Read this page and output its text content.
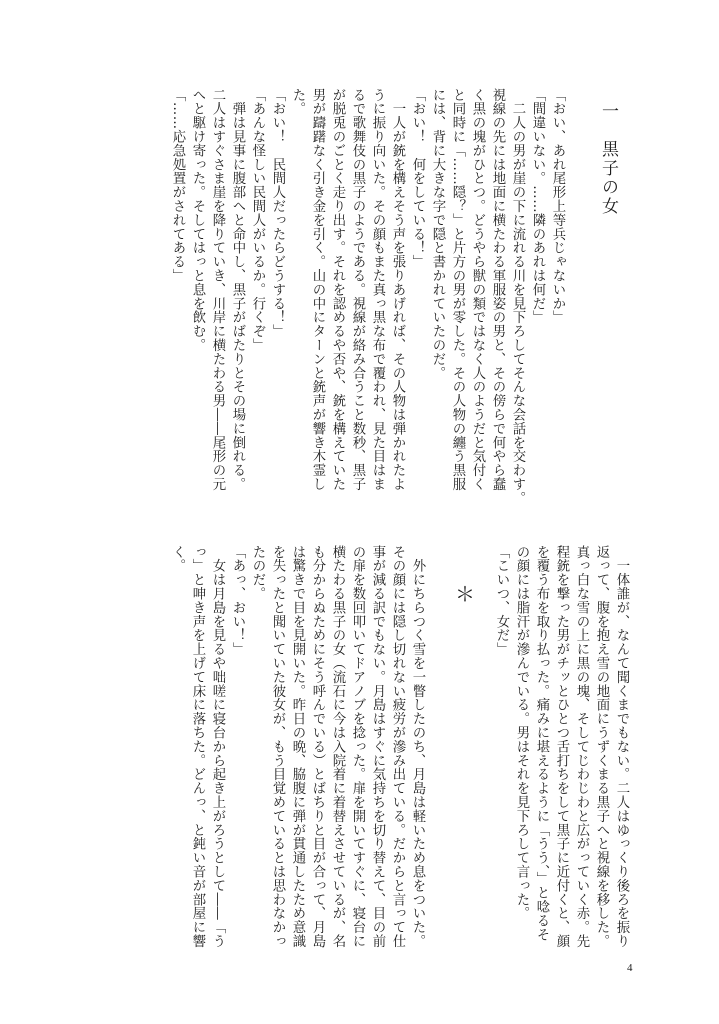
一　黒子の女

「おい、あれ尾形上等兵じゃないか」

「間違いない。……隣のあれは何だ」

　二人の男が崖の下に流れる川を見下ろしてそんな会話を交わす。

視線の先には地面に横たわる軍服姿の男と、その傍らで何やら蠢

く黒の塊がひとつ。どうやら獣の類ではなく人のようだと気付く

と同時に「……隠？」と片方の男が零した。その人物の纏う黒服

には、背に大きな字で隠と書かれていたのだ。

「おい！　何をしている！」

　一人が銃を構えそう声を張りあげれば、その人物は弾かれたよ

うに振り向いた。その顔もまた真っ黒な布で覆われ、見た目はま

るで歌舞伎の黒子のようである。視線が絡み合うこと数秒、黒子

が脱兎のごとく走り出す。それを認めるや否や、銃を構えていた

男が躊躇なく引き金を引く。山の中にターンと銃声が響き木霊し

た。

「おい！　民間人だったらどうする！」

「あんな怪しい民間人がいるか。行くぞ」

　弾は見事に腹部へと命中し、黒子がばたりとその場に倒れる。

二人はすぐさま崖を降りていき、川岸に横たわる男――尾形の元

へと駆け寄った。そしてはっと息を飲む。

「……応急処置がされてある」

　一体誰が、なんて聞くまでもない。二人はゆっくり後ろを振り

返って、腹を抱え雪の地面にうずくまる黒子へと視線を移した。

真っ白な雪の上に黒の塊、そしてじわじわと広がっていく赤。先

程銃を撃った男がチッとひとつ舌打ちをして黒子に近付くと、顔

を覆う布を取り払った。痛みに堪えるように「うう、」と唸るそ

の顔には脂汗が滲んでいる。男はそれを見下ろして言った。

「こいつ、女だ」

＊

　外にちらつく雪を一瞥したのち、月島は軽いため息をついた。

その顔には隠し切れない疲労が滲み出ている。だからと言って仕

事が減る訳でもない。月島はすぐに気持ちを切り替えて、目の前

の扉を数回叩いてドアノブを捻った。扉を開いてすぐに、寝台に

横たわる黒子の女（流石に今は入院着に着替えさせているが、名

も分からぬためにそう呼んでいる）とばちりと目が合って、月島

は驚きで目を見開いた。昨日の晩、脇腹に弾が貫通したため意識

を失ったと聞いていた彼女が、もう目覚めているとは思わなかっ

たのだ。

「あっ、おい！」

　女は月島を見るや咄嗟に寝台から起き上がろうとして――「う

っ」と呻き声を上げて床に落ちた。どんっ、と鈍い音が部屋に響

く。

4
